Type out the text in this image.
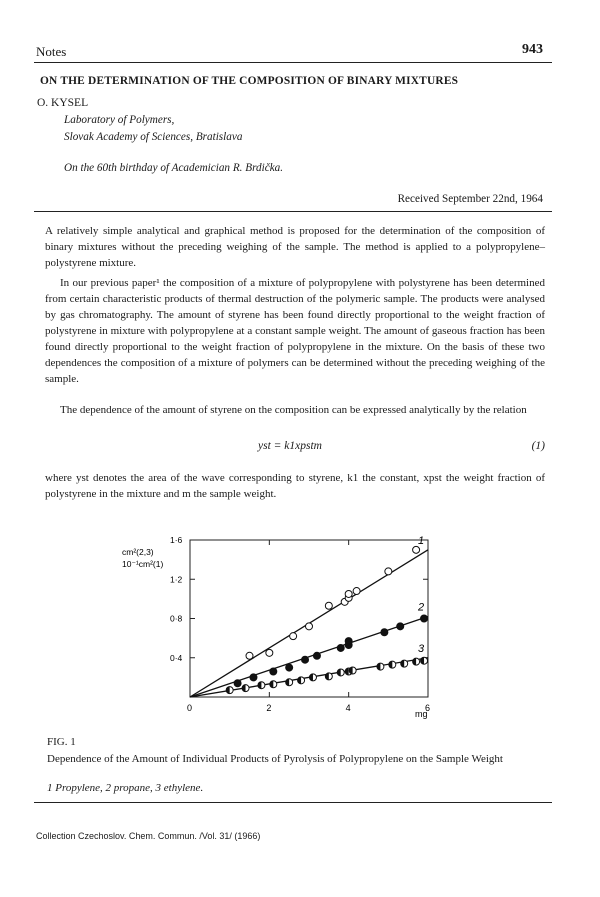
Notes	943
ON THE DETERMINATION OF THE COMPOSITION OF BINARY MIXTURES
O. KYSEL
Laboratory of Polymers,
Slovak Academy of Sciences, Bratislava
On the 60th birthday of Academician R. Brdička.
Received September 22nd, 1964
A relatively simple analytical and graphical method is proposed for the determination of the composition of binary mixtures without the preceding weighing of the sample. The method is applied to a polypropylene–polystyrene mixture.
In our previous paper¹ the composition of a mixture of polypropylene with polystyrene has been determined from certain characteristic products of thermal destruction of the polymeric sample. The products were analysed by gas chromatography. The amount of styrene has been found directly proportional to the weight fraction of polystyrene in mixture with polypropylene at a constant sample weight. The amount of gaseous fraction has been found directly proportional to the weight fraction of polypropylene in the mixture. On the basis of these two dependences the composition of a mixture of polymers can be determined without the preceding weighing of the sample.
The dependence of the amount of styrene on the composition can be expressed analytically by the relation
yst = k1xpstm	(1)
where yst denotes the area of the wave corresponding to styrene, k1 the constant, xpst the weight fraction of polystyrene in the mixture and m the sample weight.
0	2	4	6
0·4
0·8
1·2
1·6	1
2
3
cm²(2,3)
10⁻¹cm²(1)
mg
FIG. 1
Dependence of the Amount of Individual Products of Pyrolysis of Polypropylene on the Sample Weight
1 Propylene, 2 propane, 3 ethylene.
Collection Czechoslov. Chem. Commun. /Vol. 31/ (1966)
